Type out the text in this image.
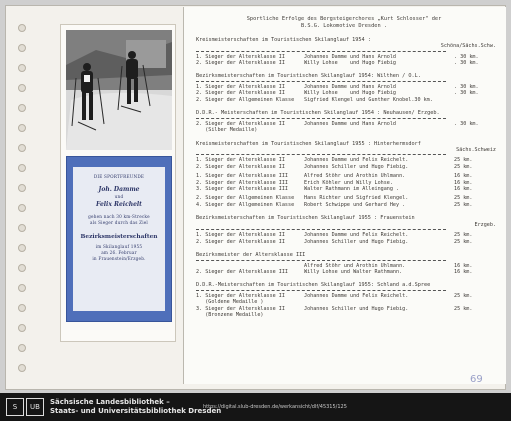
DIE SPORTFREUNDE
Joh. Damme
und
Felix Reichelt
gehen nach 30 km-Strecke
als Sieger durch das Ziel
Bezirksmeisterschaften
im Skilanglauf 1955
am 26. Februar
in Frauenstein/Erzgeb.
Sportliche Erfolge des Bergsteigerchores „Kurt Schlosser" der
B.S.G. Lokomotive Dresden .
Kreismeisterschaften im Touristischen Skilanglauf 1954 :
Schöna/Sächs.Schw.
1. Sieger der Altersklasse II	Johannes Damme und Hans Arnold	. 30 km.
2. Sieger der Altersklasse II	Willy Lohse    und Hugo Fiebig	. 30 km.
Bezirksmeisterschaften im Touristischen Skilanglauf 1954: Wilthen / O.L.
1. Sieger der Altersklasse II	Johannes Damme und Hans Arnold	. 30 km.
2. Sieger der Altersklasse II	Willy Lohse    und Hugo Fiebig	. 30 km.
2. Sieger der Allgemeinen Klasse Sigfried Klengel und Gunther Knobel.30 km.
D.D.R.- Meisterschaften im Touristischen Skilanglauf 1954 : Neuhausen/ Erzgeb.
2. Sieger der Altersklasse II	Johannes Damme und Hans Arnold	. 30 km.
(Silber Medaille)
Kreismeisterschaften im Touristischen Skilanglauf 1955 : Hinterhermsdorf
Sächs.Schweiz
1. Sieger der Altersklasse II	Johannes Damme und Felix Reichelt.	25 km.
2. Sieger der Altersklasse II	Johannes Schiller und Hugo Fiebig.	25 km.
1. Sieger der Altersklasse III	Alfred Stöhr und Arothin Uhlmann.	16 km.
2. Sieger der Altersklasse III	Erich Köhler und Willy Lohse.	16 km.
3. Sieger der Altersklasse III	Walter Rathmann im Alleingang .	16 km.
2. Sieger der Allgemeinen Klasse Hans Richter und Sigfried Klengel.	25 km.
4. Sieger der Allgemeinen Klasse Robert Schwippe und Gerhard Hey .	25 km.
Bezirksmeisterschaften im Touristischen Skilanglauf 1955 : Frauenstein
Erzgeb.
1. Sieger der Altersklasse II	Johannes Damme und Felix Reichelt.	25 km.
2. Sieger der Altersklasse II	Johannes Schiller und Hugo Fiebig.	25 km.
Bezirksmeister der Altersklasse III
Alfred Stöhr und Arothin Uhlmann.	16 km.
2. Sieger der Altersklasse III	Willy Lohse und Walter Rathmann.	16 km.
D.D.R.-Meisterschaften im Touristischen Skilanglauf 1955: Schland a.d.Spree
1. Sieger der Altersklasse II	Johannes Damme und Felix Reichelt.	25 km.
(Goldene Medaille )
3. Sieger der Altersklasse II	Johannes Schiller und Hugo Fiebig.	25 km.
(Bronzene Medaille)
69
S	UB
Sächsische Landesbibliothek –
Staats- und Universitätsbibliothek Dresden
https://digital.slub-dresden.de/werkansicht/dlf/45315/125
